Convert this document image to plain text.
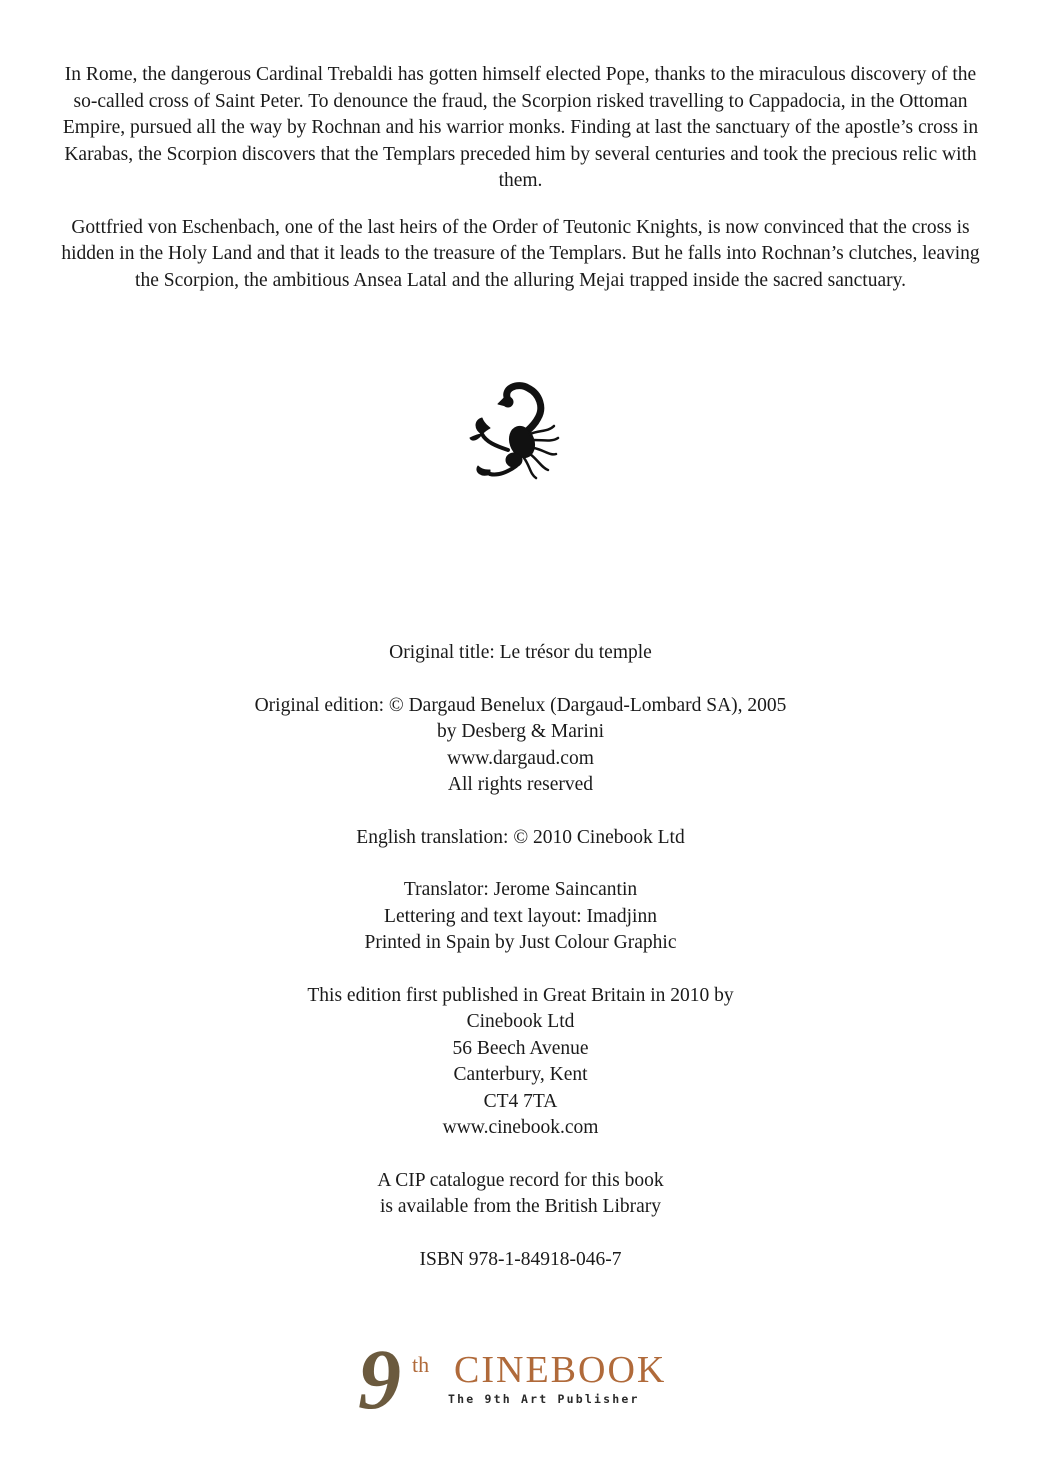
In Rome, the dangerous Cardinal Trebaldi has gotten himself elected Pope, thanks to the miraculous discovery of the so-called cross of Saint Peter. To denounce the fraud, the Scorpion risked travelling to Cappadocia, in the Ottoman Empire, pursued all the way by Rochnan and his warrior monks. Finding at last the sanctuary of the apostle’s cross in Karabas, the Scorpion discovers that the Templars preceded him by several centuries and took the precious relic with them.

Gottfried von Eschenbach, one of the last heirs of the Order of Teutonic Knights, is now convinced that the cross is hidden in the Holy Land and that it leads to the treasure of the Templars. But he falls into Rochnan’s clutches, leaving the Scorpion, the ambitious Ansea Latal and the alluring Mejai trapped inside the sacred sanctuary.

Original title: Le trésor du temple
Original edition: © Dargaud Benelux (Dargaud-Lombard SA), 2005
by Desberg & Marini
www.dargaud.com
All rights reserved
English translation: © 2010 Cinebook Ltd
Translator: Jerome Saincantin
Lettering and text layout: Imadjinn
Printed in Spain by Just Colour Graphic
This edition first published in Great Britain in 2010 by
Cinebook Ltd
56 Beech Avenue
Canterbury, Kent
CT4 7TA
www.cinebook.com
A CIP catalogue record for this book
is available from the British Library
ISBN 978-1-84918-046-7
9 th CINEBOOK
The 9th Art Publisher
